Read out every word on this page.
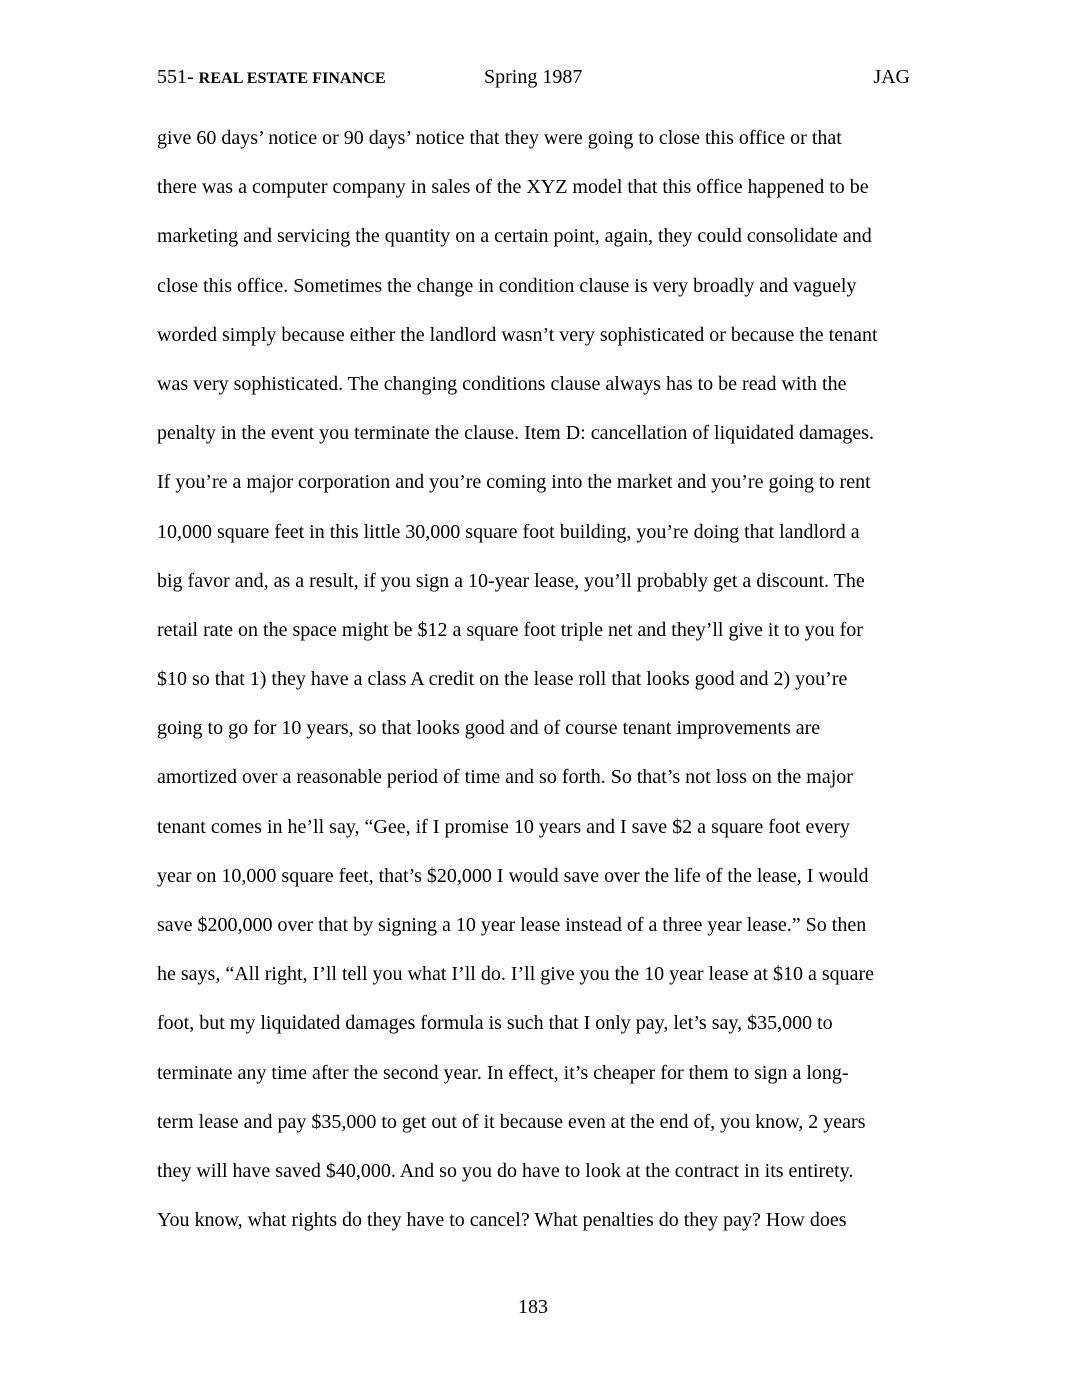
551- REAL ESTATE FINANCE	Spring 1987	JAG
give 60 days’ notice or 90 days’ notice that they were going to close this office or that
there was a computer company in sales of the XYZ model that this office happened to be
marketing and servicing the quantity on a certain point, again, they could consolidate and
close this office. Sometimes the change in condition clause is very broadly and vaguely
worded simply because either the landlord wasn’t very sophisticated or because the tenant
was very sophisticated. The changing conditions clause always has to be read with the
penalty in the event you terminate the clause. Item D: cancellation of liquidated damages.
If you’re a major corporation and you’re coming into the market and you’re going to rent
10,000 square feet in this little 30,000 square foot building, you’re doing that landlord a
big favor and, as a result, if you sign a 10-year lease, you’ll probably get a discount. The
retail rate on the space might be $12 a square foot triple net and they’ll give it to you for
$10 so that 1) they have a class A credit on the lease roll that looks good and 2) you’re
going to go for 10 years, so that looks good and of course tenant improvements are
amortized over a reasonable period of time and so forth. So that’s not loss on the major
tenant comes in he’ll say, “Gee, if I promise 10 years and I save $2 a square foot every
year on 10,000 square feet, that’s $20,000 I would save over the life of the lease, I would
save $200,000 over that by signing a 10 year lease instead of a three year lease.” So then
he says, “All right, I’ll tell you what I’ll do. I’ll give you the 10 year lease at $10 a square
foot, but my liquidated damages formula is such that I only pay, let’s say, $35,000 to
terminate any time after the second year. In effect, it’s cheaper for them to sign a long-
term lease and pay $35,000 to get out of it because even at the end of, you know, 2 years
they will have saved $40,000. And so you do have to look at the contract in its entirety.
You know, what rights do they have to cancel? What penalties do they pay? How does
183
